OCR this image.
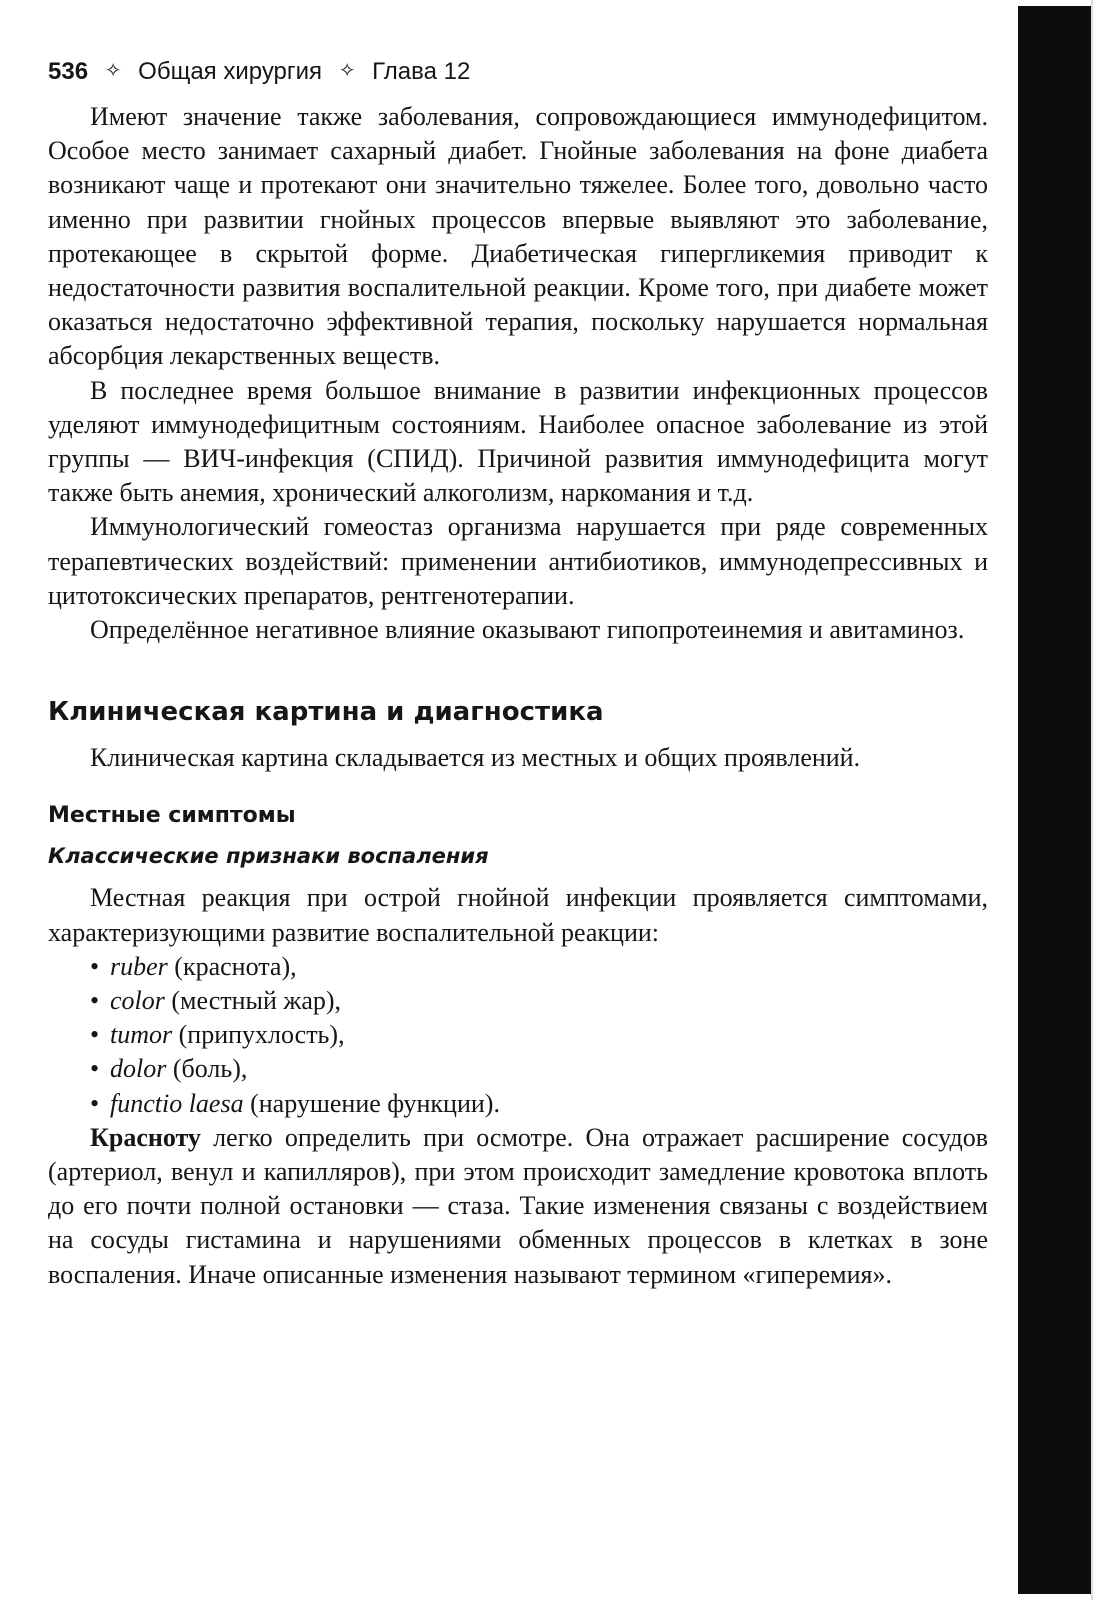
536 ✧ Общая хирургия ✧ Глава 12

Имеют значение также заболевания, сопровождающиеся иммунодефицитом. Особое место занимает сахарный диабет. Гнойные заболевания на фоне диабета возникают чаще и протекают они значительно тяжелее. Более того, довольно часто именно при развитии гнойных процессов впервые выявляют это заболевание, протекающее в скрытой форме. Диабетическая гипергликемия приводит к недостаточности развития воспалительной реакции. Кроме того, при диабете может оказаться недостаточно эффективной терапия, поскольку нарушается нормальная абсорбция лекарственных веществ.

В последнее время большое внимание в развитии инфекционных процессов уделяют иммунодефицитным состояниям. Наиболее опасное заболевание из этой группы — ВИЧ-инфекция (СПИД). Причиной развития иммунодефицита могут также быть анемия, хронический алкоголизм, наркомания и т.д.

Иммунологический гомеостаз организма нарушается при ряде современных терапевтических воздействий: применении антибиотиков, иммунодепрессивных и цитотоксических препаратов, рентгенотерапии.

Определённое негативное влияние оказывают гипопротеинемия и авитаминоз.

Клиническая картина и диагностика

Клиническая картина складывается из местных и общих проявлений.

Местные симптомы
Классические признаки воспаления

Местная реакция при острой гнойной инфекции проявляется симптомами, характеризующими развитие воспалительной реакции:

• ruber (краснота),
• color (местный жар),
• tumor (припухлость),
• dolor (боль),
• functio laesa (нарушение функции).

Красноту легко определить при осмотре. Она отражает расширение сосудов (артериол, венул и капилляров), при этом происходит замедление кровотока вплоть до его почти полной остановки — стаза. Такие изменения связаны с воздействием на сосуды гистамина и нарушениями обменных процессов в клетках в зоне воспаления. Иначе описанные изменения называют термином «гиперемия».
